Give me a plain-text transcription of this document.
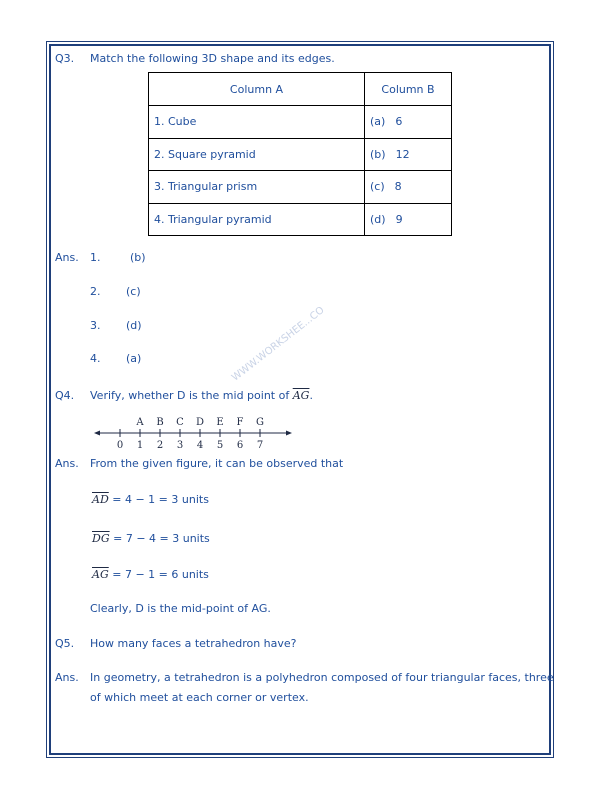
Q3. Match the following 3D shape and its edges.
Column A	Column B
1. Cube	(a) 6
2. Square pyramid	(b) 12
3. Triangular prism	(c) 8
4. Triangular pyramid	(d) 9
Ans. 1.	(b)
2. (c)
3. (d)
4. (a)	WWW.WORKSHEE...CO
Q4. Verify, whether D is the mid point of $\overline{AG}$.
A B C D E F G
0 1 2 3 4 5 6 7
Ans. From the given figure, it can be observed that
$\overline{AD} = 4 - 1 = 3$ units
$\overline{DG} = 7 - 4 = 3$ units
$\overline{AG} = 7 - 1 = 6$ units
Clearly, D is the mid-point of AG.
Q5. How many faces a tetrahedron have?
Ans. In geometry, a tetrahedron is a polyhedron composed of four triangular faces, three
of which meet at each corner or vertex.
